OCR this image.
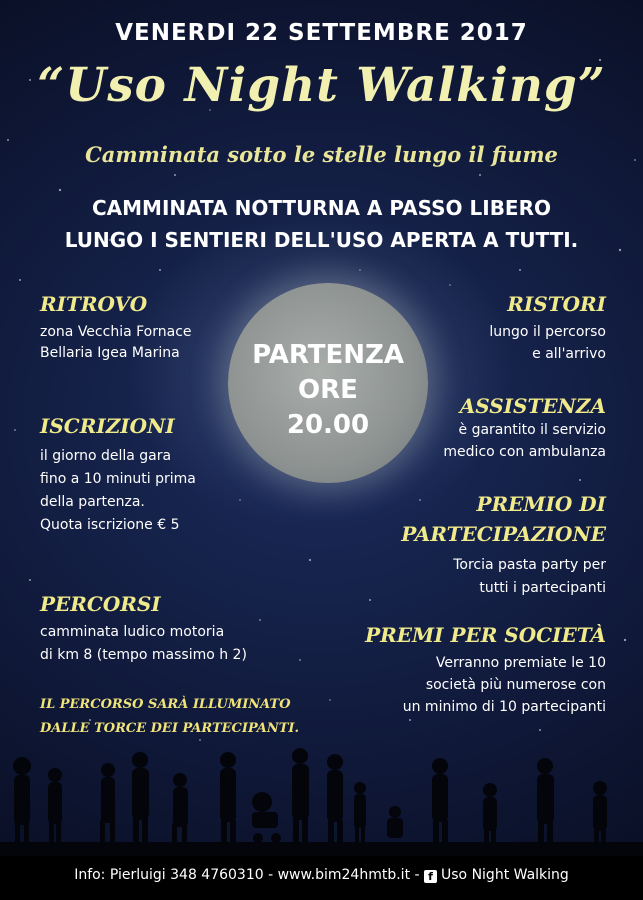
VENERDI 22 SETTEMBRE 2017
“Uso Night Walking”
Camminata sotto le stelle lungo il fiume
CAMMINATA NOTTURNA A PASSO LIBERO
LUNGO I SENTIERI DELL'USO APERTA A TUTTI.
PARTENZA
ORE
20.00
RITROVO
zona Vecchia Fornace
Bellaria Igea Marina
ISCRIZIONI
il giorno della gara
fino a 10 minuti prima
della partenza.
Quota iscrizione € 5
PERCORSI
camminata ludico motoria
di km 8 (tempo massimo h 2)
IL PERCORSO SARÀ ILLUMINATO
DALLE TORCE DEI PARTECIPANTI.
RISTORI
lungo il percorso
e all'arrivo
ASSISTENZA
è garantito il servizio
medico con ambulanza
PREMIO DI
PARTECIPAZIONE
Torcia pasta party per
tutti i partecipanti
PREMI PER SOCIETÀ
Verranno premiate le 10
società più numerose con
un minimo di 10 partecipanti
Info: Pierluigi 348 4760310 - www.bim24hmtb.it - f Uso Night Walking
